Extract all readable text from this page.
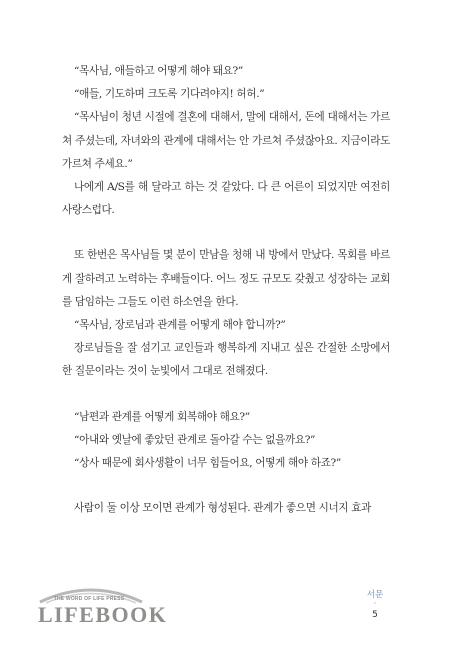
“목사님, 애들하고 어떻게 해야 돼요?”

“애들, 기도하며 크도록 기다려야지! 허허.”

“목사님이 청년 시절에 결혼에 대해서, 말에 대해서, 돈에 대해서는 가르쳐 주셨는데, 자녀와의 관계에 대해서는 안 가르쳐 주셨잖아요. 지금이라도 가르쳐 주세요.”

나에게 A/S를 해 달라고 하는 것 같았다. 다 큰 어른이 되었지만 여전히 사랑스럽다.

또 한번은 목사님들 몇 분이 만남을 청해 내 방에서 만났다. 목회를 바르게 잘하려고 노력하는 후배들이다. 어느 정도 규모도 갖췄고 성장하는 교회를 담임하는 그들도 이런 하소연을 한다.

“목사님, 장로님과 관계를 어떻게 해야 합니까?”

장로님들을 잘 섬기고 교인들과 행복하게 지내고 싶은 간절한 소망에서 한 질문이라는 것이 눈빛에서 그대로 전해졌다.

“남편과 관계를 어떻게 회복해야 해요?”

“아내와 옛날에 좋았던 관계로 돌아갈 수는 없을까요?”

“상사 때문에 회사생활이 너무 힘들어요, 어떻게 해야 하죠?”

사람이 둘 이상 모이면 관계가 형성된다. 관계가 좋으면 시너지 효과

THE WORD OF LIFE PRESS
LIFEBOOK
서문
·
5
